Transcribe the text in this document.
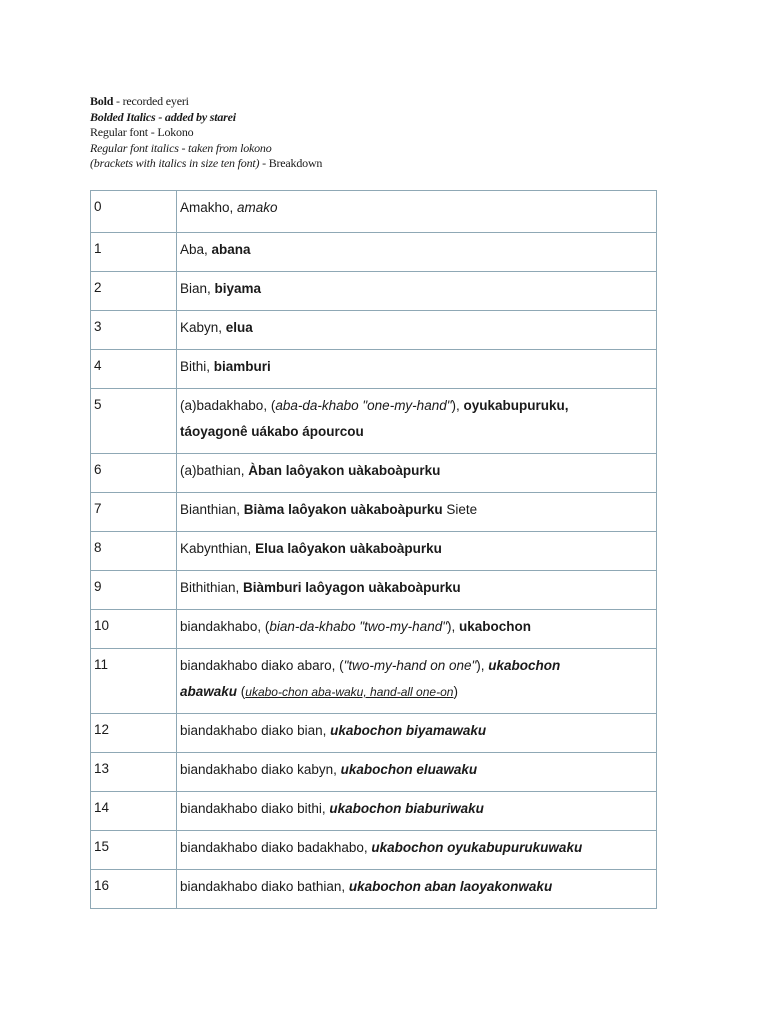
Bold - recorded eyeri
Bolded Italics - added by starei
Regular font - Lokono
Regular font italics - taken from lokono
(brackets with italics in size ten font) - Breakdown
0	Amakho, amako

1	Aba, abana

2	Bian, biyama

3	Kabyn, elua

4	Bithi, biamburi

5	(a)badakhabo, (aba-da-khabo "one-my-hand"), oyukabupuruku,
táoyagonê uákabo ápourcou

6	(a)bathian, Àban laôyakon uàkaboàpurku

7	Bianthian, Biàma laôyakon uàkaboàpurku Siete

8	Kabynthian, Elua laôyakon uàkaboàpurku

9	Bithithian, Biàmburi laôyagon uàkaboàpurku

10	biandakhabo, (bian-da-khabo "two-my-hand"), ukabochon

11	biandakhabo diako abaro, ("two-my-hand on one"), ukabochon
abawaku (ukabo-chon aba-waku, hand-all one-on)

12	biandakhabo diako bian, ukabochon biyamawaku

13	biandakhabo diako kabyn, ukabochon eluawaku

14	biandakhabo diako bithi, ukabochon biaburiwaku

15	biandakhabo diako badakhabo, ukabochon oyukabupurukuwaku

16	biandakhabo diako bathian, ukabochon aban laoyakonwaku
